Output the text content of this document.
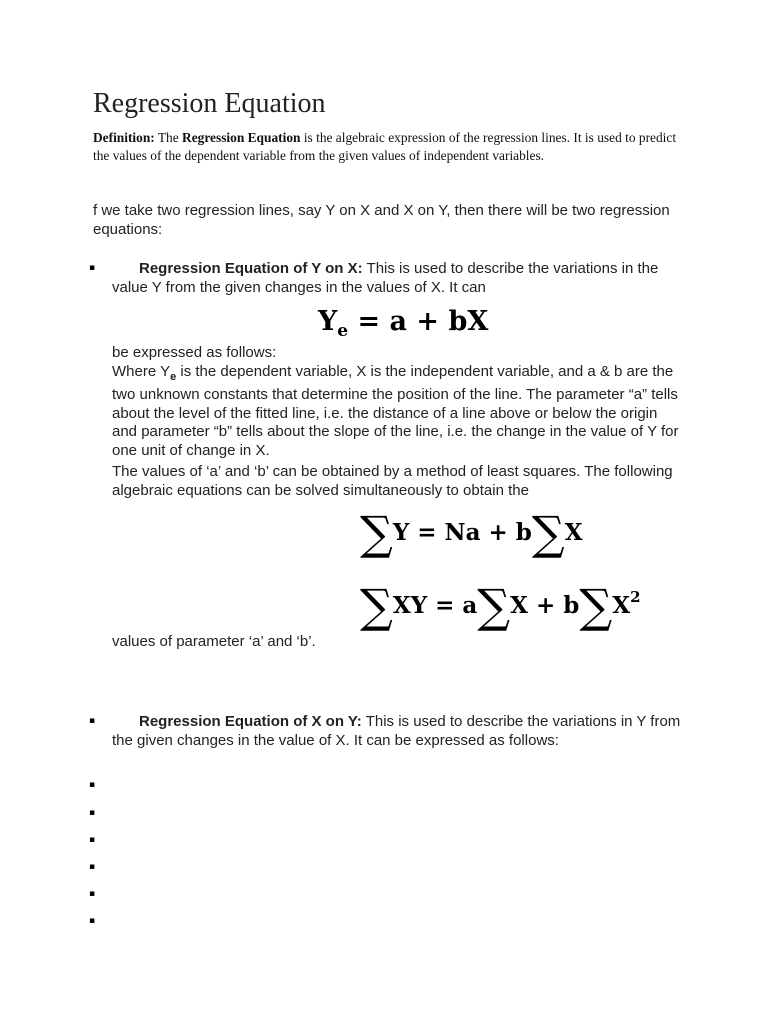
Regression Equation
Definition: The Regression Equation is the algebraic expression of the regression lines. It is used to predict the values of the dependent variable from the given values of independent variables.
f we take two regression lines, say Y on X and X on Y, then there will be two regression equations:
▪	Regression Equation of Y on X: This is used to describe the variations in the value Y from the given changes in the values of X. It can
$Y_e = a$ + bX
be expressed as follows:
Where $Y_e$ is the dependent variable, X is the independent variable, and a & b are the two unknown constants that determine the position of the line. The parameter “a” tells about the level of the fitted line, i.e. the distance of a line above or below the origin and parameter “b” tells about the slope of the line, i.e. the change in the value of Y for one unit of change in X.
The values of ‘a’ and ‘b’ can be obtained by a method of least squares. The following algebraic equations can be solved simultaneously to obtain the
∑Y = Na + b∑X
$\sum XY = a\sum X + b\sum X^2$
values of parameter ‘a’ and ‘b’.
▪	Regression Equation of X on Y: This is used to describe the variations in Y from the given changes in the value of X. It can be expressed as follows:
▪
▪
▪
▪
▪
▪
